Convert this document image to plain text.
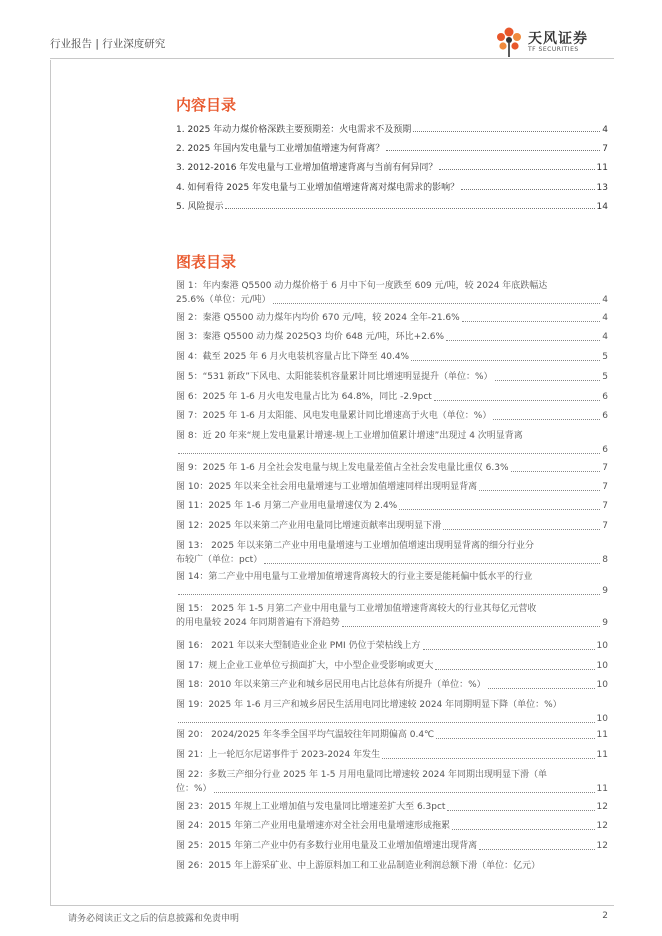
行业报告 | 行业深度研究	天风证券
TF SECURITIES
内容目录
1. 2025 年动力煤价格深跌主要预期差：火电需求不及预期	4
2. 2025 年国内发电量与工业增加值增速为何背离？	7
3. 2012-2016 年发电量与工业增加值增速背离与当前有何异同？	11
4. 如何看待 2025 年发电量与工业增加值增速背离对煤电需求的影响？	13
5. 风险提示	14
图表目录
图 1：年内秦港 Q5500 动力煤价格于 6 月中下旬一度跌至 609 元/吨，较 2024 年底跌幅达
25.6%（单位：元/吨）	4
图 2：秦港 Q5500 动力煤年内均价 670 元/吨，较 2024 全年-21.6%	4
图 3：秦港 Q5500 动力煤 2025Q3 均价 648 元/吨，环比+2.6%	4
图 4：截至 2025 年 6 月火电装机容量占比下降至 40.4%	5
图 5：“531 新政”下风电、太阳能装机容量累计同比增速明显提升（单位：%）	5
图 6：2025 年 1-6 月火电发电量占比为 64.8%，同比 -2.9pct	6
图 7：2025 年 1-6 月太阳能、风电发电量累计同比增速高于火电（单位：%）	6
图 8：近 20 年来“规上发电量累计增速-规上工业增加值累计增速”出现过 4 次明显背离
6
图 9：2025 年 1-6 月全社会发电量与规上发电量差值占全社会发电量比重仅 6.3%	7
图 10：2025 年以来全社会用电量增速与工业增加值增速同样出现明显背离	7
图 11：2025 年 1-6 月第二产业用电量增速仅为 2.4%	7
图 12：2025 年以来第二产业用电量同比增速贡献率出现明显下滑	7
图 13： 2025 年以来第二产业中用电量增速与工业增加值增速出现明显背离的细分行业分
布较广（单位：pct）	8
图 14：第二产业中用电量与工业增加值增速背离较大的行业主要是能耗偏中低水平的行业
9
图 15： 2025 年 1-5 月第二产业中用电量与工业增加值增速背离较大的行业其每亿元营收
的用电量较 2024 年同期普遍有下滑趋势	9
图 16： 2021 年以来大型制造业企业 PMI 仍位于荣枯线上方	10
图 17：规上企业工业单位亏损面扩大，中小型企业受影响或更大	10
图 18：2010 年以来第三产业和城乡居民用电占比总体有所提升（单位：%）	10
图 19：2025 年 1-6 月三产和城乡居民生活用电同比增速较 2024 年同期明显下降（单位：%）
10
图 20： 2024/2025 年冬季全国平均气温较往年同期偏高 0.4℃	11
图 21：上一轮厄尔尼诺事件于 2023-2024 年发生	11
图 22：多数三产细分行业 2025 年 1-5 月用电量同比增速较 2024 年同期出现明显下滑（单
位：%）	11
图 23：2015 年规上工业增加值与发电量同比增速差扩大至 6.3pct	12
图 24：2015 年第二产业用电量增速亦对全社会用电量增速形成拖累	12
图 25：2015 年第二产业中仍有多数行业用电量及工业增加值增速出现背离	12
图 26：2015 年上游采矿业、中上游原料加工和工业品制造业利润总额下滑（单位：亿元）
请务必阅读正文之后的信息披露和免责申明	2
